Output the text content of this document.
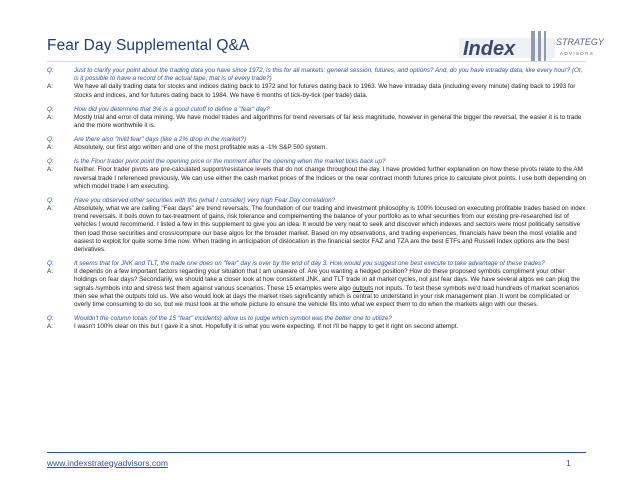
Fear Day Supplemental Q&A	Index	STRATEGY
ADVISORS
Q:	Just to clarify your point about the trading data you have since 1972, is this for all markets: general session, futures, and options? And, do you have intraday data, like every hour? (Or, is it possible to have a record of the actual tape, that is of every trade?)
A:	We have all daily trading data for stocks and indices dating back to 1972 and for futures dating back to 1963. We have intraday data (including every minute) dating back to 1993 for stocks and indices, and for futures dating back to 1984. We have 6 months of tick-by-tick (per trade) data.
Q:	How did you determine that 3% is a good cutoff to define a "fear" day?
A:	Mostly trial and error of data mining. We have model trades and algorithms for trend reversals of far less magnitude, however in general the bigger the reversal, the easier it is to trade and the more worthwhile it is.
Q:	Are there also "mild fear" days (like a 2% drop in the market?)
A:	Absolutely, our first algo written and one of the most profitable was a -1% S&P 500 system.
Q:	Is the Floor trader pivot point the opening price or the moment after the opening when the market ticks back up?
A:	Neither. Floor trader pivots are pre-calculated support/resistance levels that do not change throughout the day. I have provided further explanation on how these pivots relate to the AM reversal trade I referenced previously. We can use either the cash market prices of the Indices or the near contract month futures price to calculate pivot points. I use both depending on which model trade I am executing.
Q:	Have you observed other securities with this (what I consider) very high Fear Day correlation?
A:	Absolutely, what we are calling "Fear days" are trend reversals. The foundation of our trading and investment philosophy is 100% focused on executing profitable trades based on index trend reversals. It boils down to tax-treatment of gains, risk tolerance and complementing the balance of your portfolio as to what securities from our existing pre-researched list of vehicles I would recommend. I listed a few in this supplement to give you an idea. It would be very neat to seek and discover which indexes and sectors were most politically sensitive then load those securities and cross/compare our base algos for the broader market. Based on my observations, and trading experiences, financials have been the most volatile and easiest to exploit for quite some time now. When trading in anticipation of dislocation in the financial sector FAZ and TZA are the best ETFs and Russell Index options are the best derivatives.
Q:	It seems that for JNK and TLT, the trade one does on "fear" day is over by the end of day 3. How would you suggest one best execute to take advantage of these trades?
A:	It depends on a few important factors regarding your situation that I am unaware of. Are you wanting a hedged position? How do these proposed symbols compliment your other holdings on fear days? Secondarily, we should take a closer look at how consistent JNK, and TLT trade in all market cycles, not just fear days. We have several algos we can plug the signals /symbols into and stress test them against various scenarios. These 15 examples were algo outputs not inputs. To test these symbols we'd load hundreds of market scenarios then see what the outputs told us. We also would look at days the market rises significantly which is central to understand in your risk management plan. It wont be complicated or overly time consuming to do so, but we must look at the whole picture to ensure the vehicle fits into what we expect them to do when the markets align with our theses.
Q:	Wouldn't the column totals (of the 15 "fear" incidents) allow us to judge which symbol was the better one to utilize?
A:	I wasn't 100% clear on this but I gave it a shot. Hopefully it is what you were expecting. If not I'll be happy to get it right on second attempt.
www.indexstrategyadvisors.com	1
